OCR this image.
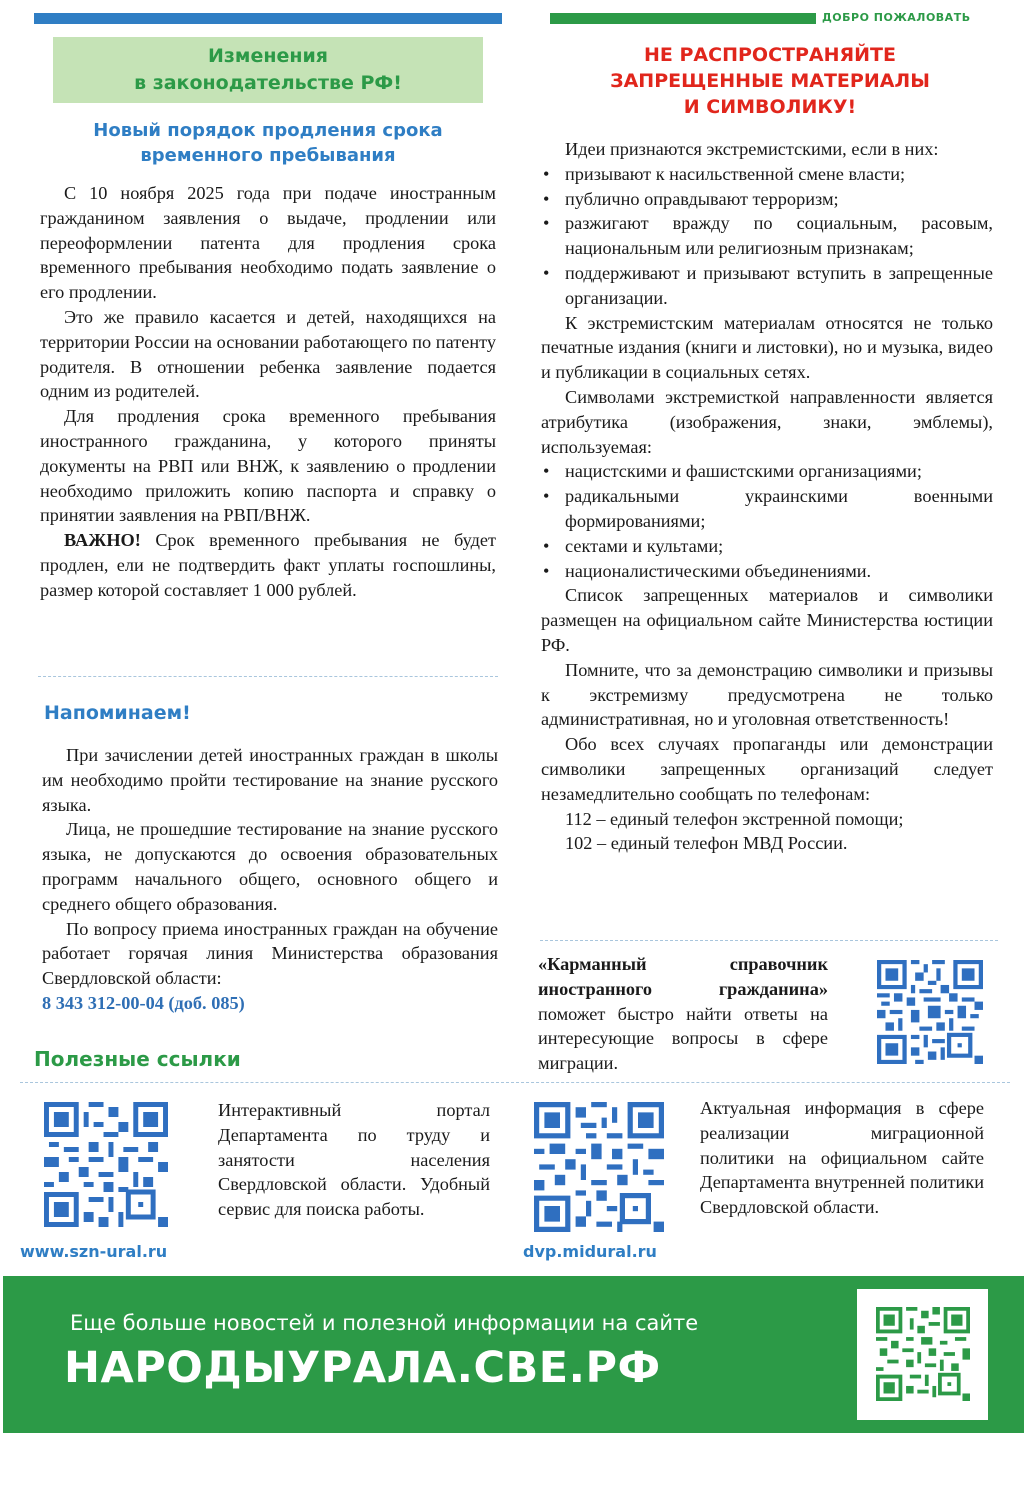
ДОБРО ПОЖАЛОВАТЬ
Изменения
в законодательстве РФ!
Новый порядок продления срока
временного пребывания

С 10 ноября 2025 года при подаче иностранным гражданином заявления о выдаче, продлении или переоформлении патента для продления срока временного пребывания необходимо подать заявление о его продлении.

Это же правило касается и детей, находящихся на территории России на основании работающего по патенту родителя. В отношении ребенка заявление подается одним из родителей.

Для продления срока временного пребывания иностранного гражданина, у которого приняты документы на РВП или ВНЖ, к заявлению о продлении необходимо приложить копию паспорта и справку о принятии заявления на РВП/ВНЖ.

ВАЖНО! Срок временного пребывания не будет продлен, ели не подтвердить факт уплаты госпошлины, размер которой составляет 1 000 рублей.

Напоминаем!

При зачислении детей иностранных граждан в школы им необходимо пройти тестирование на знание русского языка.

Лица, не прошедшие тестирование на знание русского языка, не допускаются до освоения образовательных программ начального общего, основного общего и среднего общего образования.

По вопросу приема иностранных граждан на обучение работает горячая линия Министерства образования Свердловской области:

8 343 312-00-04 (доб. 085)

Полезные ссылки
НЕ РАСПРОСТРАНЯЙТЕ
ЗАПРЕЩЕННЫЕ МАТЕРИАЛЫ
И СИМВОЛИКУ!

Идеи признаются экстремистскими, если в них:

• призывают к насильственной смене власти;
• публично оправдывают терроризм;
• разжигают вражду по социальным, расовым, национальным или религиозным признакам;
• поддерживают и призывают вступить в запрещенные организации.

К экстремистским материалам относятся не только печатные издания (книги и листовки), но и музыка, видео и публикации в социальных сетях.

Символами экстремисткой направленности является атрибутика (изображения, знаки, эмблемы), используемая:

• нацистскими и фашистскими организациями;
• радикальными украинскими военными формированиями;
• сектами и культами;
• националистическими объединениями.

Список запрещенных материалов и символики размещен на официальном сайте Министерства юстиции РФ.

Помните, что за демонстрацию символики и призывы к экстремизму предусмотрена не только административная, но и уголовная ответственность!

Обо всех случаях пропаганды или демонстрации символики запрещенных организаций следует незамедлительно сообщать по телефонам:

112 – единый телефон экстренной помощи;

102 – единый телефон МВД России.

«Карманный справочник иностранного гражданина» поможет быстро найти ответы на интересующие вопросы в сфере миграции.
Интерактивный портал Департамента по труду и занятости населения Свердловской области. Удобный сервис для поиска работы.
www.szn-ural.ru
Актуальная информация в сфере реализации миграционной политики на официальном сайте Департамента внутренней политики Свердловской области.
dvp.midural.ru
Еще больше новостей и полезной информации на сайте
НАРОДЫУРАЛА.СВЕ.РФ
